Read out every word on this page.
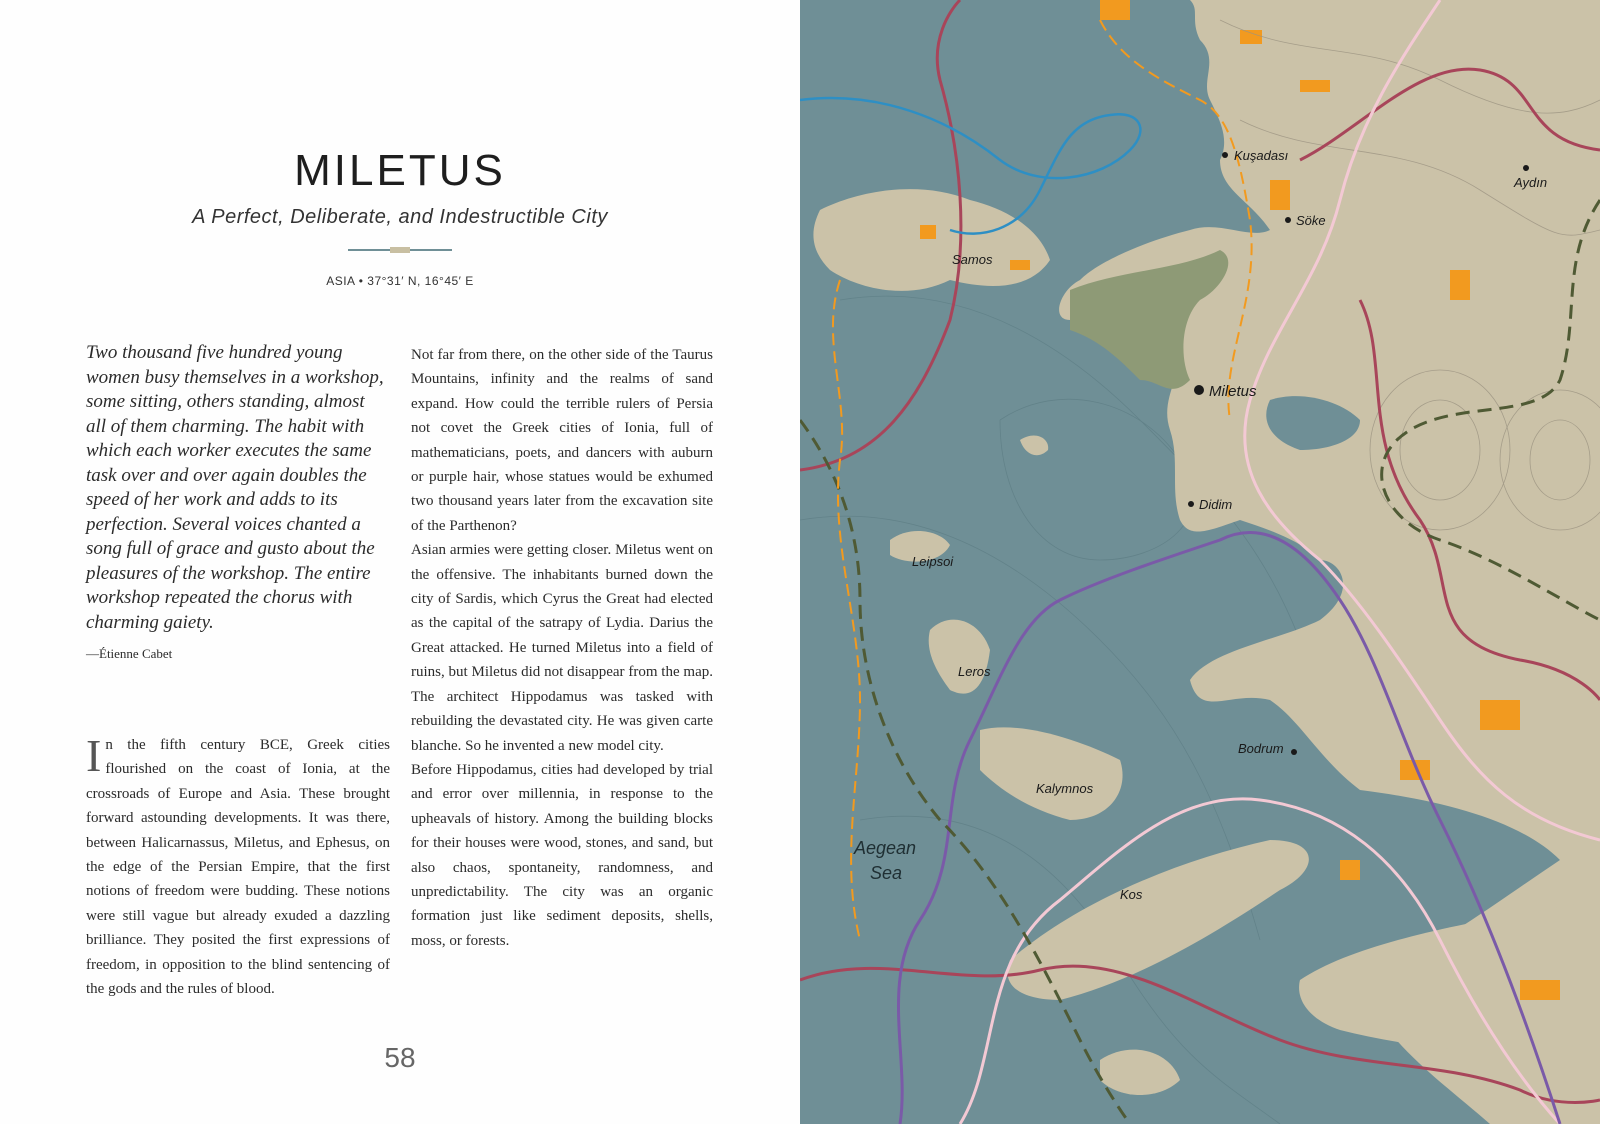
MILETUS
A Perfect, Deliberate, and Indestructible City
ASIA • 37°31′ N, 16°45′ E
Two thousand five hundred young women busy themselves in a workshop, some sitting, others standing, almost all of them charming. The habit with which each worker executes the same task over and over again doubles the speed of her work and adds to its perfection. Several voices chanted a song full of grace and gusto about the pleasures of the workshop. The entire workshop repeated the chorus with charming gaiety.
—Étienne Cabet

In the fifth century BCE, Greek cities flourished on the coast of Ionia, at the crossroads of Europe and Asia. These brought forward astounding developments. It was there, between Halicarnassus, Miletus, and Ephesus, on the edge of the Persian Empire, that the first notions of freedom were budding. These notions were still vague but already exuded a dazzling brilliance. They posited the first expressions of freedom, in opposition to the blind sentencing of the gods and the rules of blood.

Not far from there, on the other side of the Taurus Mountains, infinity and the realms of sand expand. How could the terrible rulers of Persia not covet the Greek cities of Ionia, full of mathematicians, poets, and dancers with auburn or purple hair, whose statues would be exhumed two thousand years later from the excavation site of the Parthenon?

Asian armies were getting closer. Miletus went on the offensive. The inhabitants burned down the city of Sardis, which Cyrus the Great had elected as the capital of the satrapy of Lydia. Darius the Great attacked. He turned Miletus into a field of ruins, but Miletus did not disappear from the map. The architect Hippodamus was tasked with rebuilding the devastated city. He was given carte blanche. So he invented a new model city.

Before Hippodamus, cities had developed by trial and error over millennia, in response to the upheavals of history. Among the building blocks for their houses were wood, stones, and sand, but also chaos, spontaneity, randomness, and unpredictability. The city was an organic formation just like sediment deposits, shells, moss, or forests.

58
Kuşadası
Aydın
Söke
Samos
Miletus
Didim
Leipsoi
Leros
Bodrum
Kalymnos
Kos
Aegean
Sea
